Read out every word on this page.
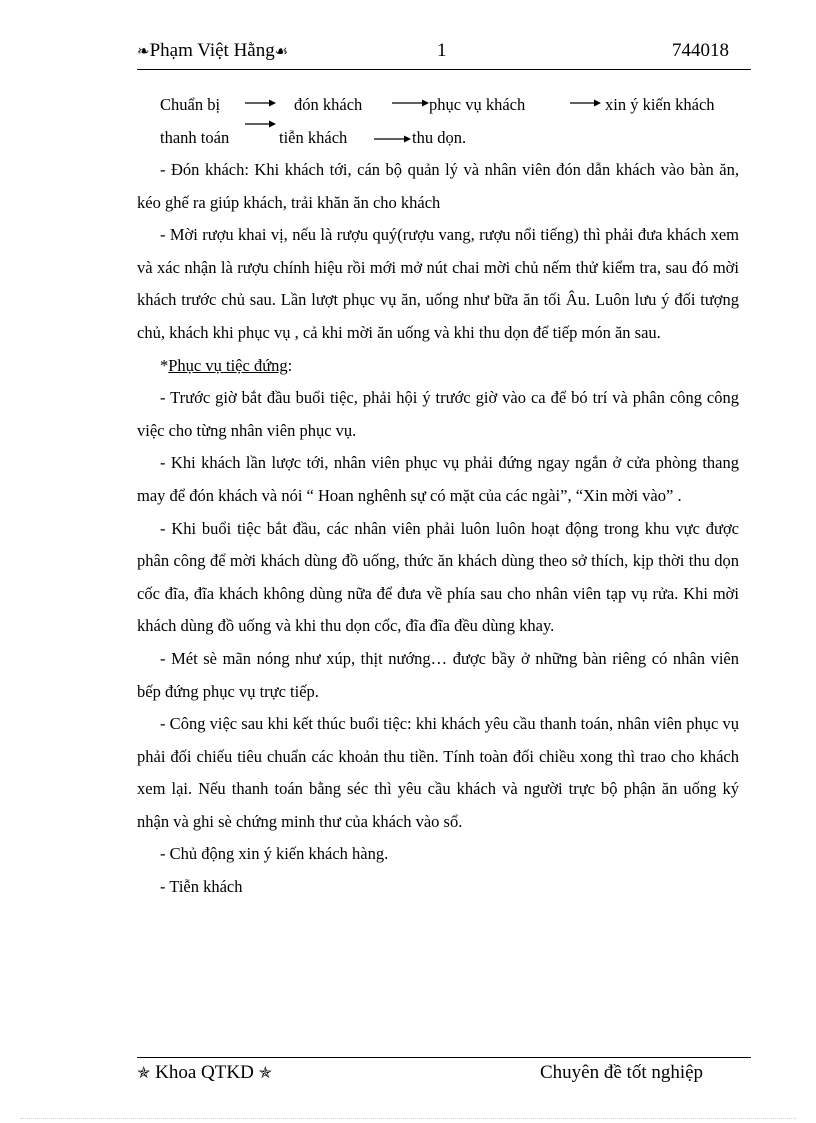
❧Phạm Việt Hằng☙	1	744018
Chuẩn bị	đón khách	phục vụ khách	xin ý kiến khách
thanh toán	tiễn khách	thu dọn.

- Đón khách: Khi khách tới, cán bộ quản lý và nhân viên đón dẫn khách vào bàn ăn, kéo ghế ra giúp khách, trải khăn ăn cho khách

- Mời rượu khai vị, nếu là rượu quý(rượu vang, rượu nổi tiếng) thì phải đưa khách xem và xác nhận là rượu chính hiệu rồi mới mở nút chai mời chủ nếm thử kiểm tra, sau đó mời khách trước chủ sau. Lần lượt phục vụ ăn, uống như bữa ăn tối Âu. Luôn lưu ý đối tượng chủ, khách khi phục vụ , cả khi mời ăn uống và khi thu dọn để tiếp món ăn sau.

*Phục vụ tiệc đứng:

- Trước giờ bắt đầu buổi tiệc, phải hội ý trước giờ vào ca để bó trí và phân công công việc cho từng nhân viên phục vụ.

- Khi khách lần lược tới, nhân viên phục vụ phải đứng ngay ngắn ở cửa phòng thang may để đón khách và nói “ Hoan nghênh sự có mặt của các ngài”, “Xin mời vào” .

- Khi buổi tiệc bắt đầu, các nhân viên phải luôn luôn hoạt động trong khu vực được phân công để mời khách dùng đồ uống, thức ăn khách dùng theo sở thích, kịp thời thu dọn cốc đĩa, đĩa khách không dùng nữa để đưa về phía sau cho nhân viên tạp vụ rửa. Khi mời khách dùng đồ uống và khi thu dọn cốc, đĩa đĩa đều dùng khay.

- Mét sè mãn nóng như xúp, thịt nướng… được bầy ở những bàn riêng có nhân viên bếp đứng phục vụ trực tiếp.

- Công việc sau khi kết thúc buổi tiệc: khi khách yêu cầu thanh toán, nhân viên phục vụ phải đối chiếu tiêu chuẩn các khoản thu tiền. Tính toàn đối chiều xong thì trao cho khách xem lại. Nếu thanh toán bằng séc thì yêu cầu khách và người trực bộ phận ăn uống ký nhận và ghi sè chứng minh thư của khách vào sổ.

- Chủ động xin ý kiến khách hàng.

- Tiễn khách

✯ Khoa QTKD ✯	Chuyên đề tốt nghiệp
